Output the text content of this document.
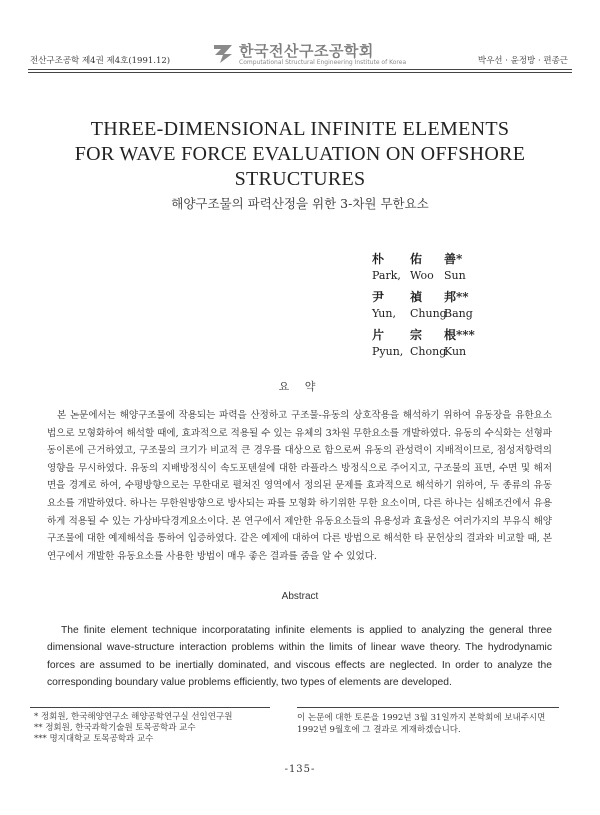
전산구조공학 제4권 제4호(1991.12)
한국전산구조공학회
Computational Structural Engineering Institute of Korea	박우선 · 윤정방 · 편종근
THREE-DIMENSIONAL INFINITE ELEMENTS
FOR WAVE FORCE EVALUATION ON OFFSHORE
STRUCTURES
해양구조물의 파력산정을 위한 3-차원 무한요소
朴 佑 善*
Park, Woo Sun
尹 禎 邦**
Yun, Chung
Bang
片 宗 根***
Pyun, Chong
Kun
요 약

본 논문에서는 해양구조물에 작용되는 파력을 산정하고 구조물-유동의 상호작용을 해석하기 위하여 유동장을 유한요소법으로 모형화하여 해석할 때에, 효과적으로 적용될 수 있는 유체의 3차원 무한요소를 개발하였다. 유동의 수식화는 선형파동이론에 근거하였고, 구조물의 크기가 비교적 큰 경우를 대상으로 함으로써 유동의 관성력이 지배적이므로, 점성저항력의 영향을 무시하였다. 유동의 지배방정식이 속도포텐셜에 대한 라플라스 방정식으로 주어지고, 구조물의 표면, 수면 및 해저면을 경계로 하여, 수평방향으로는 무한대로 펼쳐진 영역에서 정의된 문제를 효과적으로 해석하기 위하여, 두 종류의 유동요소를 개발하였다. 하나는 무한원방향으로 방사되는 파를 모형화 하기위한 무한 요소이며, 다른 하나는 심해조건에서 유용하게 적용될 수 있는 가상바닥경계요소이다. 본 연구에서 제안한 유동요소들의 유용성과 효율성은 여러가지의 부유식 해양구조물에 대한 예제해석을 통하여 입증하였다. 같은 예제에 대하여 다른 방법으로 해석한 타 문헌상의 결과와 비교할 때, 본 연구에서 개발한 유동요소를 사용한 방법이 매우 좋은 결과를 줌을 알 수 있었다.

Abstract

The finite element technique incorporatating infinite elements is applied to analyzing the general three dimensional wave-structure interaction problems within the limits of linear wave theory. The hydrodynamic forces are assumed to be inertially dominated, and viscous effects are neglected. In order to analyze the corresponding boundary value problems efficiently, two types of elements are developed.

* 정회원, 한국해양연구소 해양공학연구실 선임연구원
** 정회원, 한국과학기술원 토목공학과 교수
*** 명지대학교 토목공학과 교수
이 논문에 대한 토론을 1992년 3월 31일까지 본학회에 보내주시면 1992년 9월호에 그 결과로 게재하겠습니다.
-135-
